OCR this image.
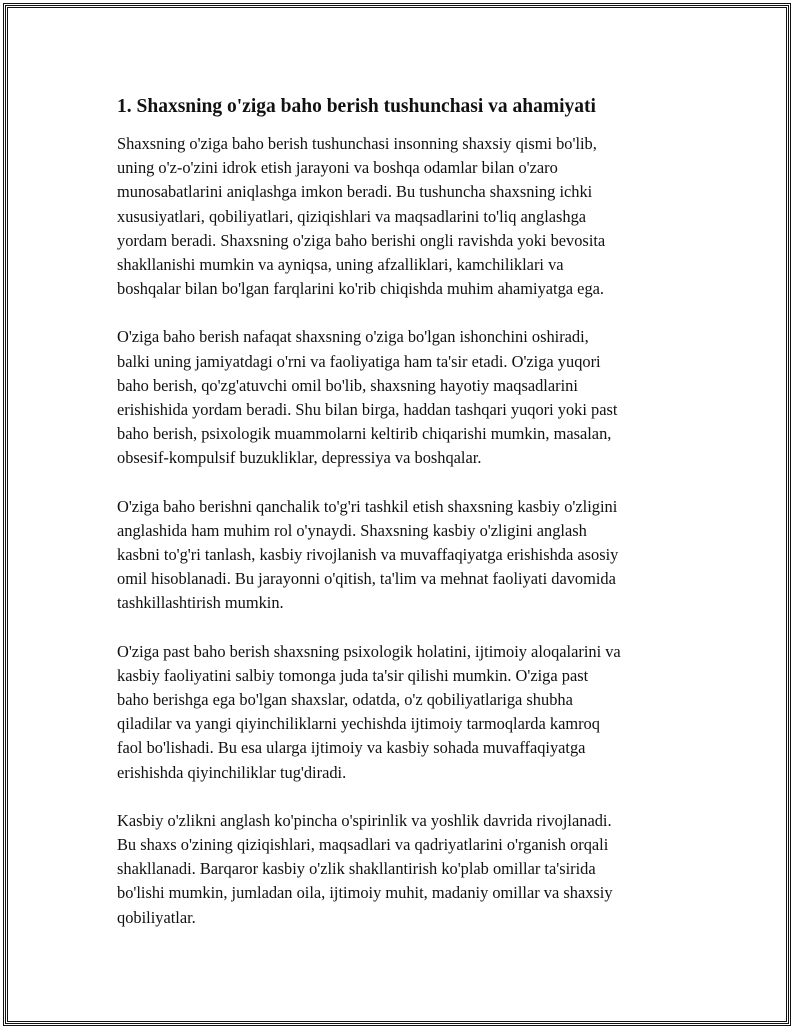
1. Shaxsning o'ziga baho berish tushunchasi va ahamiyati

Shaxsning o'ziga baho berish tushunchasi insonning shaxsiy qismi bo'lib,
uning o'z-o'zini idrok etish jarayoni va boshqa odamlar bilan o'zaro
munosabatlarini aniqlashga imkon beradi. Bu tushuncha shaxsning ichki
xususiyatlari, qobiliyatlari, qiziqishlari va maqsadlarini to'liq anglashga
yordam beradi. Shaxsning o'ziga baho berishi ongli ravishda yoki bevosita
shakllanishi mumkin va ayniqsa, uning afzalliklari, kamchiliklari va
boshqalar bilan bo'lgan farqlarini ko'rib chiqishda muhim ahamiyatga ega.

O'ziga baho berish nafaqat shaxsning o'ziga bo'lgan ishonchini oshiradi,
balki uning jamiyatdagi o'rni va faoliyatiga ham ta'sir etadi. O'ziga yuqori
baho berish, qo'zg'atuvchi omil bo'lib, shaxsning hayotiy maqsadlarini
erishishida yordam beradi. Shu bilan birga, haddan tashqari yuqori yoki past
baho berish, psixologik muammolarni keltirib chiqarishi mumkin, masalan,
obsesif-kompulsif buzukliklar, depressiya va boshqalar.

O'ziga baho berishni qanchalik to'g'ri tashkil etish shaxsning kasbiy o'zligini
anglashida ham muhim rol o'ynaydi. Shaxsning kasbiy o'zligini anglash
kasbni to'g'ri tanlash, kasbiy rivojlanish va muvaffaqiyatga erishishda asosiy
omil hisoblanadi. Bu jarayonni o'qitish, ta'lim va mehnat faoliyati davomida
tashkillashtirish mumkin.

O'ziga past baho berish shaxsning psixologik holatini, ijtimoiy aloqalarini va
kasbiy faoliyatini salbiy tomonga juda ta'sir qilishi mumkin. O'ziga past
baho berishga ega bo'lgan shaxslar, odatda, o'z qobiliyatlariga shubha
qiladilar va yangi qiyinchiliklarni yechishda ijtimoiy tarmoqlarda kamroq
faol bo'lishadi. Bu esa ularga ijtimoiy va kasbiy sohada muvaffaqiyatga
erishishda qiyinchiliklar tug'diradi.

Kasbiy o'zlikni anglash ko'pincha o'spirinlik va yoshlik davrida rivojlanadi.
Bu shaxs o'zining qiziqishlari, maqsadlari va qadriyatlarini o'rganish orqali
shakllanadi. Barqaror kasbiy o'zlik shakllantirish ko'plab omillar ta'sirida
bo'lishi mumkin, jumladan oila, ijtimoiy muhit, madaniy omillar va shaxsiy
qobiliyatlar.
